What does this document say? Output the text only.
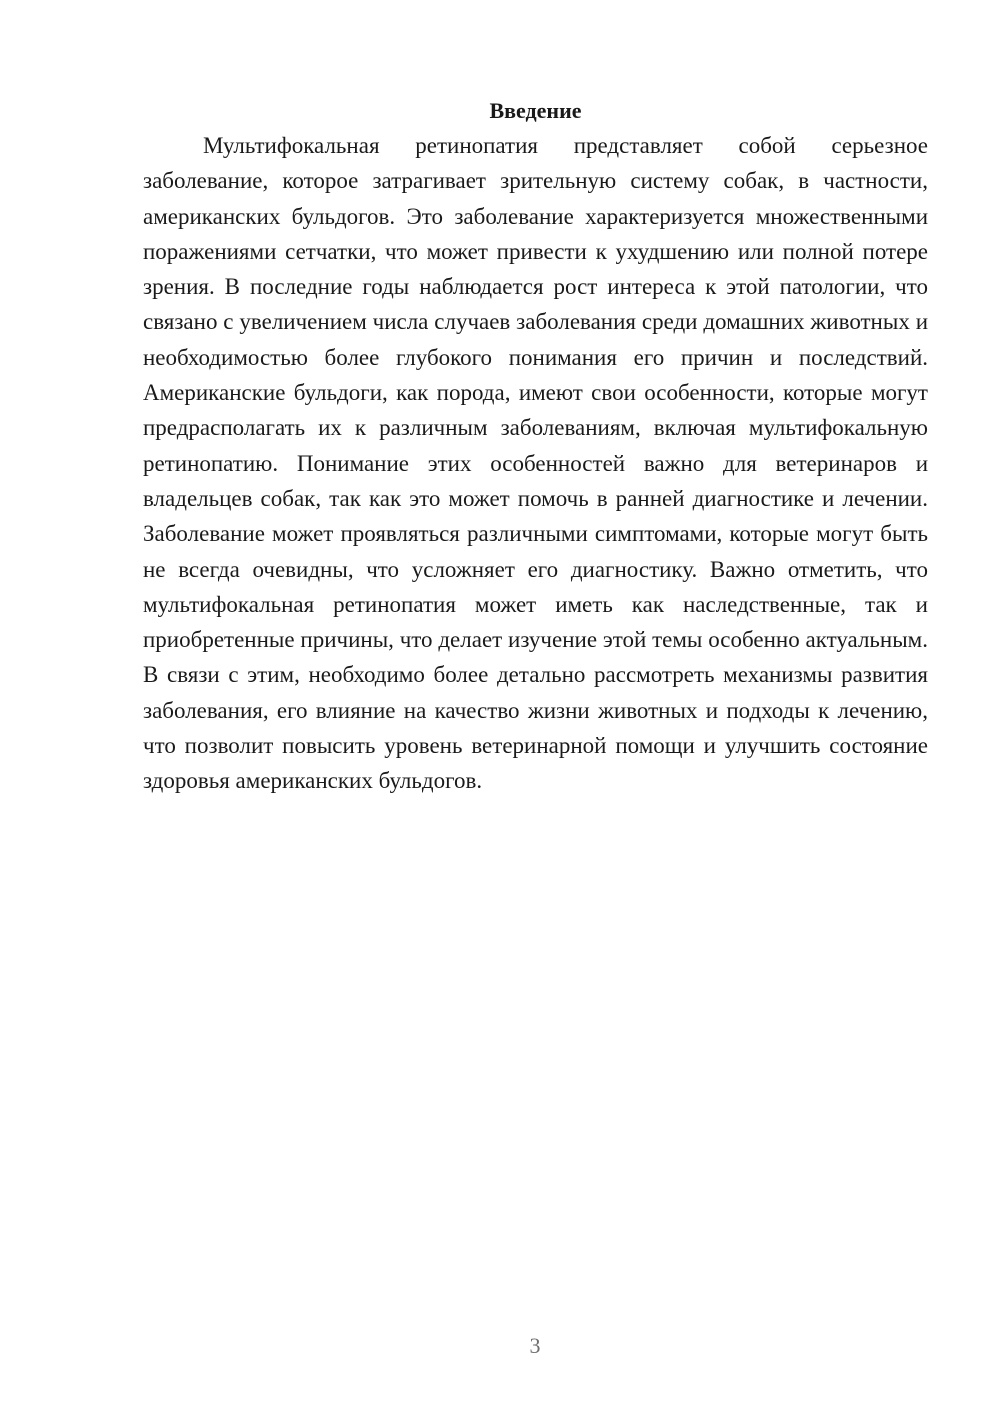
Введение

Мультифокальная ретинопатия представляет собой серьезное заболевание, которое затрагивает зрительную систему собак, в частности, американских бульдогов. Это заболевание характеризуется множественными поражениями сетчатки, что может привести к ухудшению или полной потере зрения. В последние годы наблюдается рост интереса к этой патологии, что связано с увеличением числа случаев заболевания среди домашних животных и необходимостью более глубокого понимания его причин и последствий. Американские бульдоги, как порода, имеют свои особенности, которые могут предрасполагать их к различным заболеваниям, включая мультифокальную ретинопатию. Понимание этих особенностей важно для ветеринаров и владельцев собак, так как это может помочь в ранней диагностике и лечении. Заболевание может проявляться различными симптомами, которые могут быть не всегда очевидны, что усложняет его диагностику. Важно отметить, что мультифокальная ретинопатия может иметь как наследственные, так и приобретенные причины, что делает изучение этой темы особенно актуальным. В связи с этим, необходимо более детально рассмотреть механизмы развития заболевания, его влияние на качество жизни животных и подходы к лечению, что позволит повысить уровень ветеринарной помощи и улучшить состояние здоровья американских бульдогов.

3
